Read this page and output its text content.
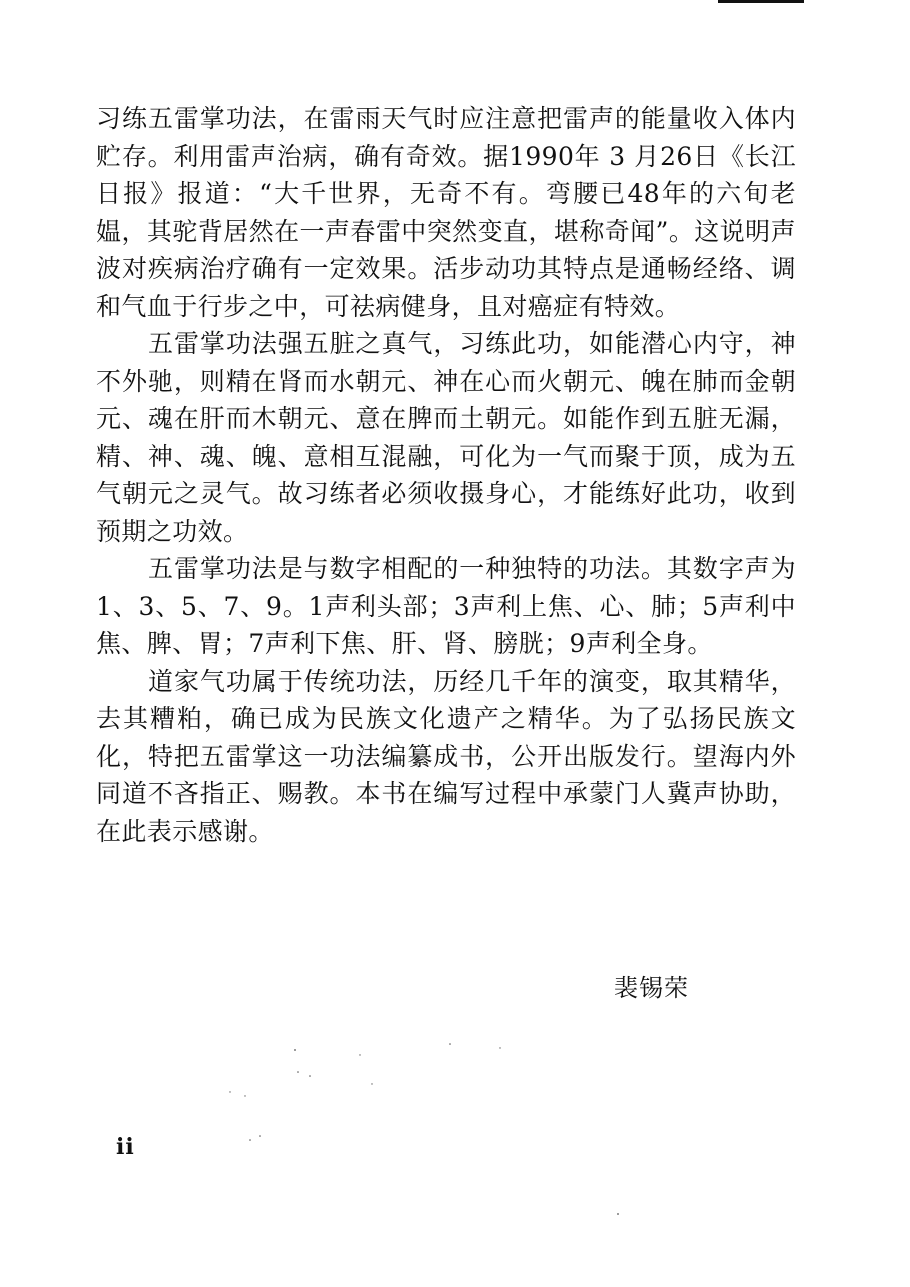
习练五雷掌功法，在雷雨天气时应注意把雷声的能量收入体内贮存。利用雷声治病，确有奇效。据1990年 3 月26日《长江日报》报道：“大千世界，无奇不有。弯腰已48年的六旬老媪，其驼背居然在一声春雷中突然变直，堪称奇闻”。这说明声波对疾病治疗确有一定效果。活步动功其特点是通畅经络、调和气血于行步之中，可祛病健身，且对癌症有特效。

五雷掌功法强五脏之真气，习练此功，如能潜心内守，神不外驰，则精在肾而水朝元、神在心而火朝元、魄在肺而金朝元、魂在肝而木朝元、意在脾而土朝元。如能作到五脏无漏，精、神、魂、魄、意相互混融，可化为一气而聚于顶，成为五气朝元之灵气。故习练者必须收摄身心，才能练好此功，收到预期之功效。

五雷掌功法是与数字相配的一种独特的功法。其数字声为1、3、5、7、9。1声利头部；3声利上焦、心、肺；5声利中焦、脾、胃；7声利下焦、肝、肾、膀胱；9声利全身。

道家气功属于传统功法，历经几千年的演变，取其精华，去其糟粕，确已成为民族文化遗产之精华。为了弘扬民族文化，特把五雷掌这一功法编纂成书，公开出版发行。望海内外同道不吝指正、赐教。本书在编写过程中承蒙门人冀声协助，在此表示感谢。

裴锡荣
ii
